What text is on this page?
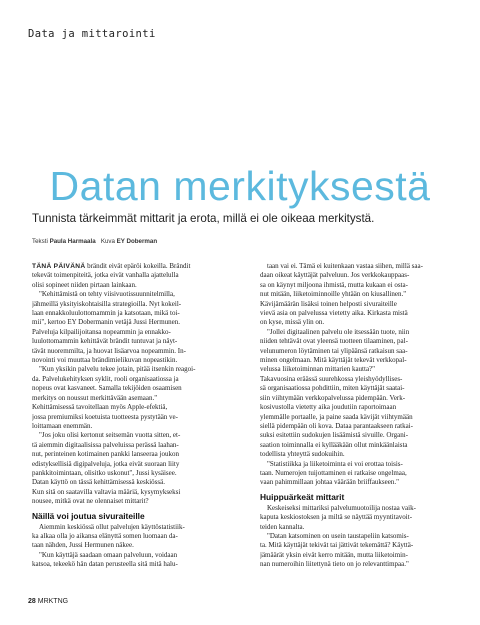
Data ja mittarointi
Datan merkityksestä
Tunnista tärkeimmät mittarit ja erota, millä ei ole oikeaa merkitystä.
Teksti Paula Harmaala Kuva EY Doberman

TÄNÄ PÄIVÄNÄ brändit eivät epäröi kokeilla. Brändit

tekevät toimenpiteitä, jotka eivät vanhalla ajattelulla

olisi sopineet niiden pirtaan lainkaan.

"Kehittämistä on tehty viisivuotissuunnitelmilla,

jähmeillä yksityiskohtaisilla strategioilla. Nyt kokeil-

laan ennakkoluulottomammin ja katsotaan, mikä toi-

mii", kertoo EY Dobermanin vetäjä Jussi Hermunen.

Palveluja kilpailijoitansa nopeammin ja ennakko-

luulottomammin kehittävät brändit tuntuvat ja näyt-

tävät nuoremmilta, ja huovat lisäarvoa nopeammin. In-

novointi voi muuttaa brändimielikuvan nopeastikin.

"Kun yksikin palvelu tekee jotain, pitää itsenkin reagoi-

da. Palvelukehityksen syklit, rooli organisaatiossa ja

nopeus ovat kasvaneet. Samalla tekijöiden osaamisen

merkitys on noussut merkittävään asemaan."

Kehittämisessä tavoitellaan myös Apple-efektiä,

jossa premiumiksi koetuista tuotteesta pystytään ve-

loittamaan enemmän.

"Jos joku olisi kertonut seitsemän vuotta sitten, et-

tä aiemmin digitaalisissa palveluissa perässä laahan-

nut, perinteinen kotimainen pankki lanseeraa joukon

edistyksellisiä digipalveluja, jotka eivät suoraan liity

pankkitoimintaan, olisitko uskonut", Jussi kysäisee.

Datan käyttö on tässä kehittämisessä keskiössä.

Kun sitä on saatavilla valtavia määriä, kysymykseksi

nousee, mitkä ovat ne olennaiset mittarit?

Näillä voi joutua sivuraiteille

Aiemmin keskiössä ollut palvelujen käyttöstatistiik-

ka alkaa olla jo aikansa elänyttä somen luomaan da-

taan nähden, Jussi Hermunen näkee.

"Kun käyttäjä saadaan omaan palveluun, voidaan

katsoa, tekeekö hän datan perusteella sitä mitä halu-

taan vai ei. Tämä ei kuitenkaan vastaa siihen, millä saa-

daan oikeat käyttäjät palveluun. Jos verkkokauppaas-

sa on käynyt miljoona ihmistä, mutta kukaan ei osta-

nut mitään, liiketoiminnoille yhtään on kiusallinen."

Kävijämäärän lisäksi toinen helposti sivuraiteille

vievä asia on palvelussa vietetty aika. Kirkasta mistä

on kyse, missä ylin on.

"Jollei digitaalinen palvelu ole itsessään tuote, niin

niiden tehtävät ovat yleensä tuotteen tilaaminen, pal-

velunumeron löytäminen tai ylipäänsä ratkaisun saa-

minen ongelmaan. Mitä käyttäjät tekevät verkkopal-

velussa liiketoiminnan mittarien kautta?"

Takavuosina eräässä suurehkossa yleishyödyllises-

sä organisaatiossa pohdittiin, miten käyttäjät saatai-

siin viihtymään verkkopalvelussa pidempään. Verk-

kosivustolla vietetty aika joudutiin raportoimaan

ylemmälle portaalle, ja paine saada kävijät viihtymään

siellä pidempään oli kova. Dataa parantaakseen ratkai-

suksi esitettiin sudokujen lisäämistä sivuille. Organi-

saation toiminnalla ei kyllääkään ollut minkäänlaista

todellista yhteyttä sudokuihin.

"Statistiikka ja liiketoiminta ei voi erottaa toisis-

taan. Numerojen tuijottaminen ei ratkaise ongelmaa,

vaan pahimmillaan johtaa väärään briiffaukseen."

Huippuärkeät mittarit

Keskeiseksi mittariksi palvelumuotoilija nostaa vaik-

kaputa keskiostoksen ja miltä se näyttää myyntitavoit-

teiden kannalta.

"Datan katsominen on usein taustapeliin katsomis-

ta. Mitä käyttäjät tekivät tai jättivät tekemättä? Käyttä-

jämäärät yksin eivät kerro mitään, mutta liiketoimin-

nan numeroihin liitettynä tieto on jo relevanttimpaa."

28 MRKTNG
